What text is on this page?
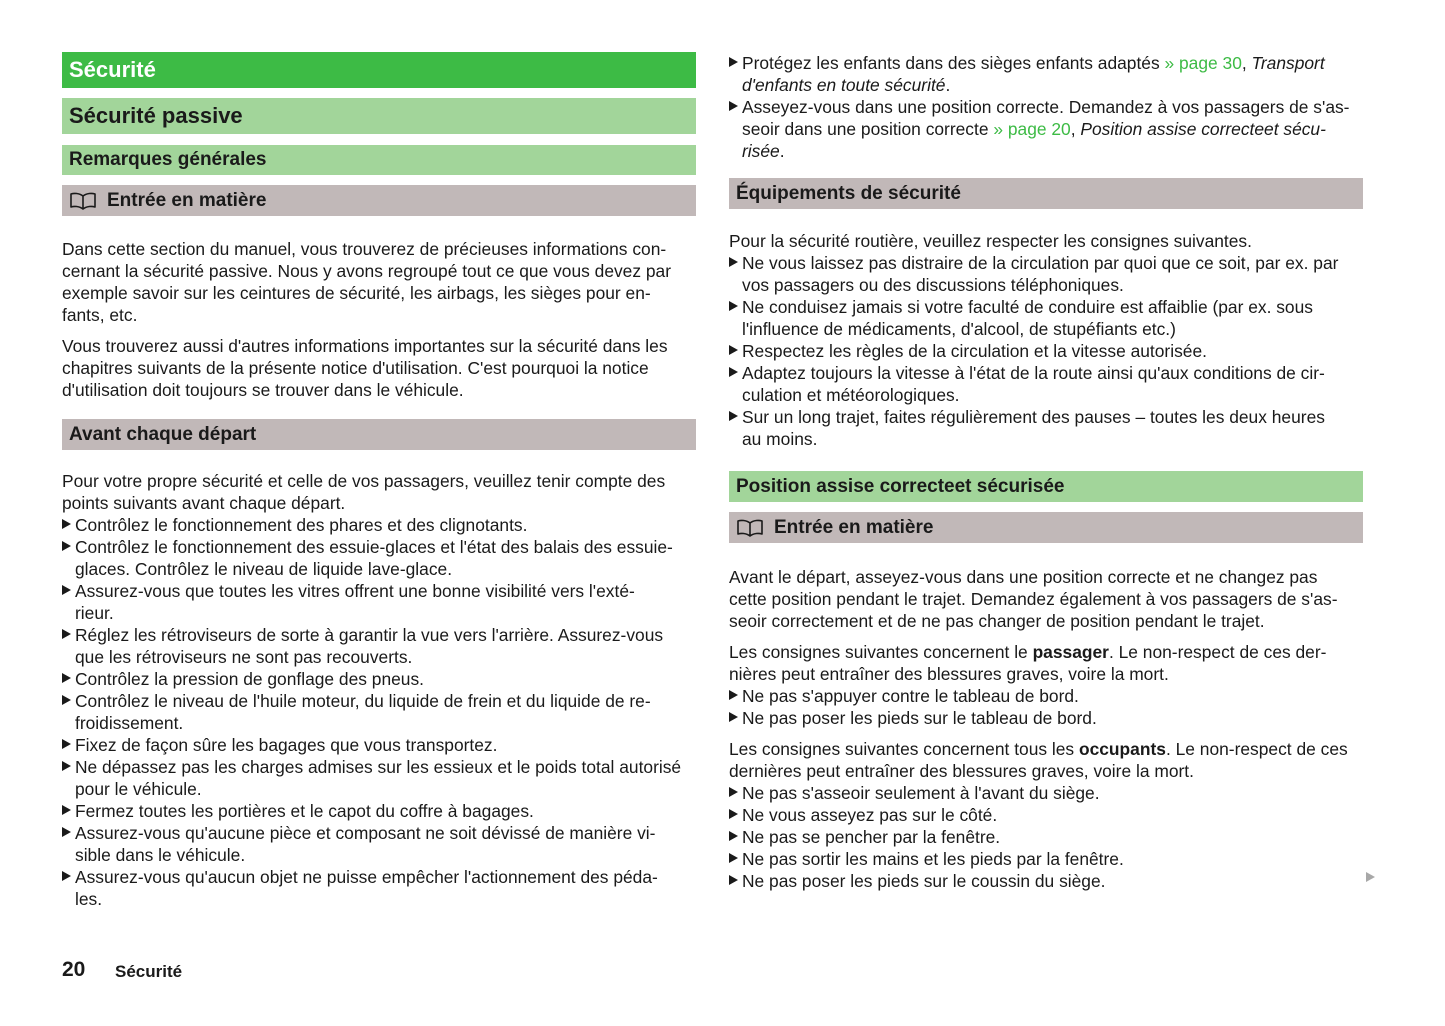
Sécurité
Sécurité passive
Remarques générales
Entrée en matière
Dans cette section du manuel, vous trouverez de précieuses informations con-
cernant la sécurité passive. Nous y avons regroupé tout ce que vous devez par
exemple savoir sur les ceintures de sécurité, les airbags, les sièges pour en-
fants, etc.
Vous trouverez aussi d'autres informations importantes sur la sécurité dans les
chapitres suivants de la présente notice d'utilisation. C'est pourquoi la notice
d'utilisation doit toujours se trouver dans le véhicule.
Avant chaque départ
Pour votre propre sécurité et celle de vos passagers, veuillez tenir compte des
points suivants avant chaque départ.
Contrôlez le fonctionnement des phares et des clignotants.
Contrôlez le fonctionnement des essuie-glaces et l'état des balais des essuie-
glaces. Contrôlez le niveau de liquide lave-glace.
Assurez-vous que toutes les vitres offrent une bonne visibilité vers l'exté-
rieur.
Réglez les rétroviseurs de sorte à garantir la vue vers l'arrière. Assurez-vous
que les rétroviseurs ne sont pas recouverts.
Contrôlez la pression de gonflage des pneus.
Contrôlez le niveau de l'huile moteur, du liquide de frein et du liquide de re-
froidissement.
Fixez de façon sûre les bagages que vous transportez.
Ne dépassez pas les charges admises sur les essieux et le poids total autorisé
pour le véhicule.
Fermez toutes les portières et le capot du coffre à bagages.
Assurez-vous qu'aucune pièce et composant ne soit dévissé de manière vi-
sible dans le véhicule.
Assurez-vous qu'aucun objet ne puisse empêcher l'actionnement des péda-
les.
Protégez les enfants dans des sièges enfants adaptés » page 30, Transport
d'enfants en toute sécurité.
Asseyez-vous dans une position correcte. Demandez à vos passagers de s'as-
seoir dans une position correcte » page 20, Position assise correcteet sécu-
risée.
Équipements de sécurité
Pour la sécurité routière, veuillez respecter les consignes suivantes.
Ne vous laissez pas distraire de la circulation par quoi que ce soit, par ex. par
vos passagers ou des discussions téléphoniques.
Ne conduisez jamais si votre faculté de conduire est affaiblie (par ex. sous
l'influence de médicaments, d'alcool, de stupéfiants etc.)
Respectez les règles de la circulation et la vitesse autorisée.
Adaptez toujours la vitesse à l'état de la route ainsi qu'aux conditions de cir-
culation et météorologiques.
Sur un long trajet, faites régulièrement des pauses – toutes les deux heures
au moins.
Position assise correcteet sécurisée
Entrée en matière
Avant le départ, asseyez-vous dans une position correcte et ne changez pas
cette position pendant le trajet. Demandez également à vos passagers de s'as-
seoir correctement et de ne pas changer de position pendant le trajet.
Les consignes suivantes concernent le passager. Le non-respect de ces der-
nières peut entraîner des blessures graves, voire la mort.
Ne pas s'appuyer contre le tableau de bord.
Ne pas poser les pieds sur le tableau de bord.
Les consignes suivantes concernent tous les occupants. Le non-respect de ces
dernières peut entraîner des blessures graves, voire la mort.
Ne pas s'asseoir seulement à l'avant du siège.
Ne vous asseyez pas sur le côté.
Ne pas se pencher par la fenêtre.
Ne pas sortir les mains et les pieds par la fenêtre.
Ne pas poser les pieds sur le coussin du siège.
20 Sécurité
